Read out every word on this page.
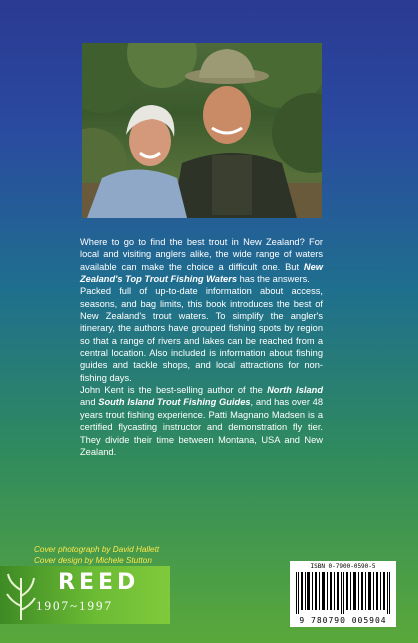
Where to go to find the best trout in New Zealand? For local and visiting anglers alike, the wide range of waters available can make the choice a difficult one. But New Zealand's Top Trout Fishing Waters has the answers.

Packed full of up-to-date information about access, seasons, and bag limits, this book introduces the best of New Zealand's trout waters. To simplify the angler's itinerary, the authors have grouped fishing spots by region so that a range of rivers and lakes can be reached from a central location. Also included is information about fishing guides and tackle shops, and local attractions for non-fishing days.

John Kent is the best-selling author of the North Island and South Island Trout Fishing Guides, and has over 48 years trout fishing experience. Patti Magnano Madsen is a certified flycasting instructor and demonstration fly tier. They divide their time between Montana, USA and New Zealand.

Cover photograph by David Hallett
Cover design by Michele Stutton
REED
1907~1997
ISBN 0-7900-0590-5
9 780790 005904
